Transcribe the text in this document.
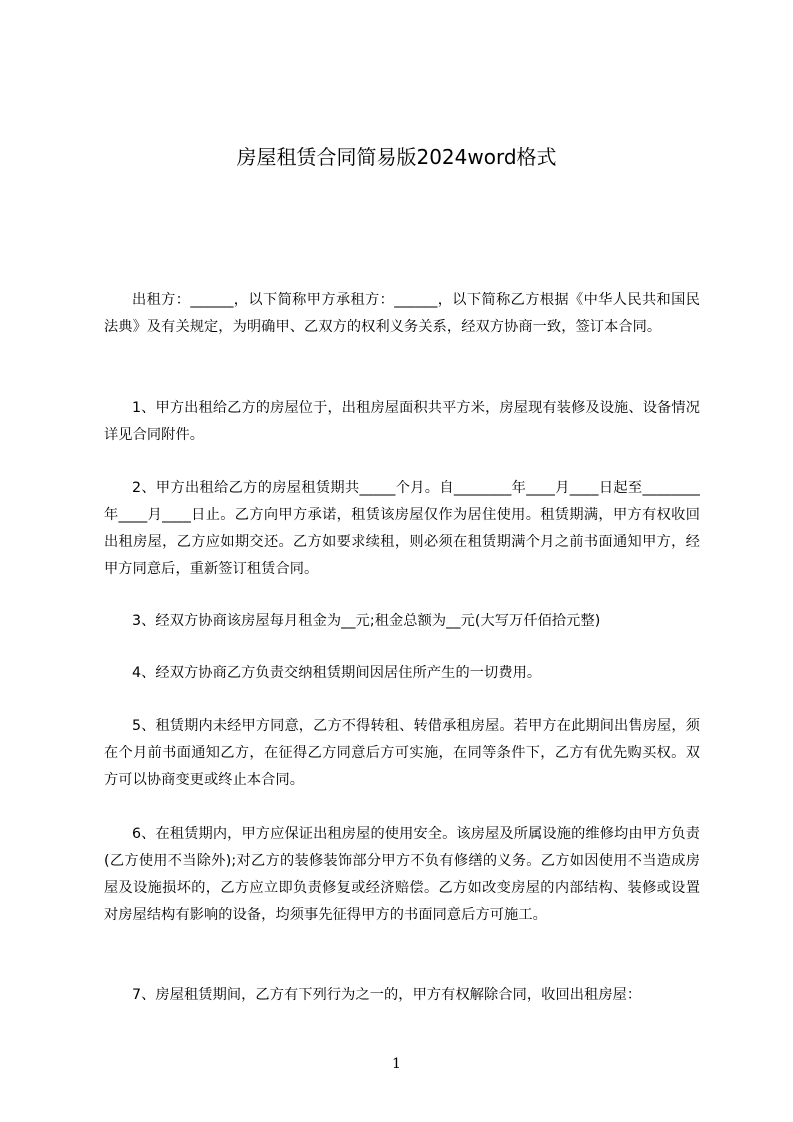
房屋租赁合同简易版2024word格式

出租方：______，以下简称甲方承租方：______，以下简称乙方根据《中华人民共和国民法典》及有关规定，为明确甲、乙双方的权利义务关系，经双方协商一致，签订本合同。

1、甲方出租给乙方的房屋位于，出租房屋面积共平方米，房屋现有装修及设施、设备情况详见合同附件。

2、甲方出租给乙方的房屋租赁期共_____个月。自________年____月____日起至________年____月____日止。乙方向甲方承诺，租赁该房屋仅作为居住使用。租赁期满，甲方有权收回出租房屋，乙方应如期交还。乙方如要求续租，则必须在租赁期满个月之前书面通知甲方，经甲方同意后，重新签订租赁合同。

3、经双方协商该房屋每月租金为__元;租金总额为__元(大写万仟佰拾元整)

4、经双方协商乙方负责交纳租赁期间因居住所产生的一切费用。

5、租赁期内未经甲方同意，乙方不得转租、转借承租房屋。若甲方在此期间出售房屋，须在个月前书面通知乙方，在征得乙方同意后方可实施，在同等条件下，乙方有优先购买权。双方可以协商变更或终止本合同。

6、在租赁期内，甲方应保证出租房屋的使用安全。该房屋及所属设施的维修均由甲方负责(乙方使用不当除外);对乙方的装修装饰部分甲方不负有修缮的义务。乙方如因使用不当造成房屋及设施损坏的，乙方应立即负责修复或经济赔偿。乙方如改变房屋的内部结构、装修或设置对房屋结构有影响的设备，均须事先征得甲方的书面同意后方可施工。

7、房屋租赁期间，乙方有下列行为之一的，甲方有权解除合同，收回出租房屋：

1
